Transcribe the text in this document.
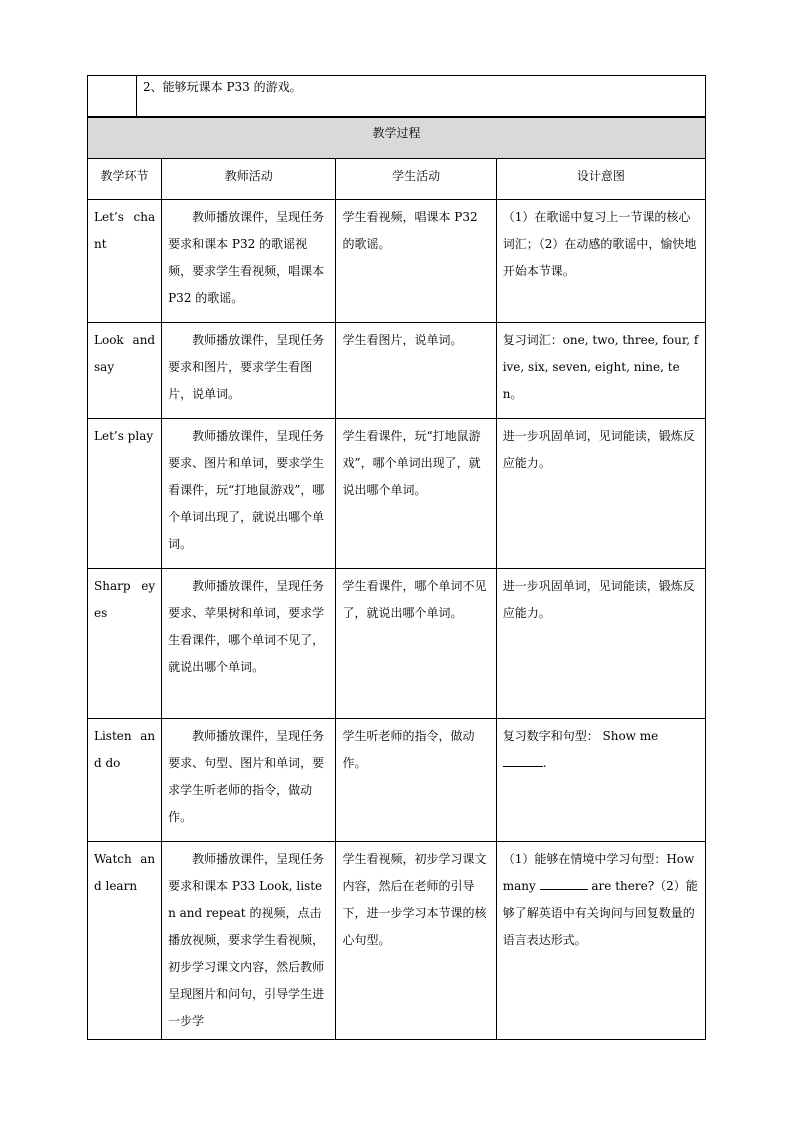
	2、能够玩课本 P33 的游戏。
教学过程			
教学环节	教师活动	学生活动	设计意图
Let’s chant	教师播放课件，呈现任务要求和课本 P32 的歌谣视频，要求学生看视频，唱课本 P32 的歌谣。	学生看视频，唱课本 P32 的歌谣。	（1）在歌谣中复习上一节课的核心词汇；（2）在动感的歌谣中，愉快地开始本节课。
Look and say	教师播放课件，呈现任务要求和图片，要求学生看图片，说单词。	学生看图片，说单词。	复习词汇：one, two, three, four, five, six, seven, eight, nine, ten。
Let’s play	教师播放课件，呈现任务要求、图片和单词，要求学生看课件，玩“打地鼠游戏”，哪个单词出现了，就说出哪个单词。	学生看课件，玩“打地鼠游戏”，哪个单词出现了，就说出哪个单词。	进一步巩固单词，见词能读，锻炼反应能力。
Sharp eyes	教师播放课件，呈现任务要求、苹果树和单词，要求学生看课件，哪个单词不见了，就说出哪个单词。	学生看课件，哪个单词不见了，就说出哪个单词。	进一步巩固单词，见词能读，锻炼反应能力。
Listen and do	教师播放课件，呈现任务要求、句型、图片和单词，要求学生听老师的指令，做动作。	学生听老师的指令，做动作。	复习数字和句型： Show me .
Watch and learn	教师播放课件，呈现任务要求和课本 P33 Look, listen and repeat 的视频，点击播放视频，要求学生看视频，初步学习课文内容，然后教师呈现图片和问句，引导学生进一步学	学生看视频，初步学习课文内容，然后在老师的引导下，进一步学习本节课的核心句型。	（1）能够在情境中学习句型：How many are there?（2）能够了解英语中有关询问与回复数量的语言表达形式。
